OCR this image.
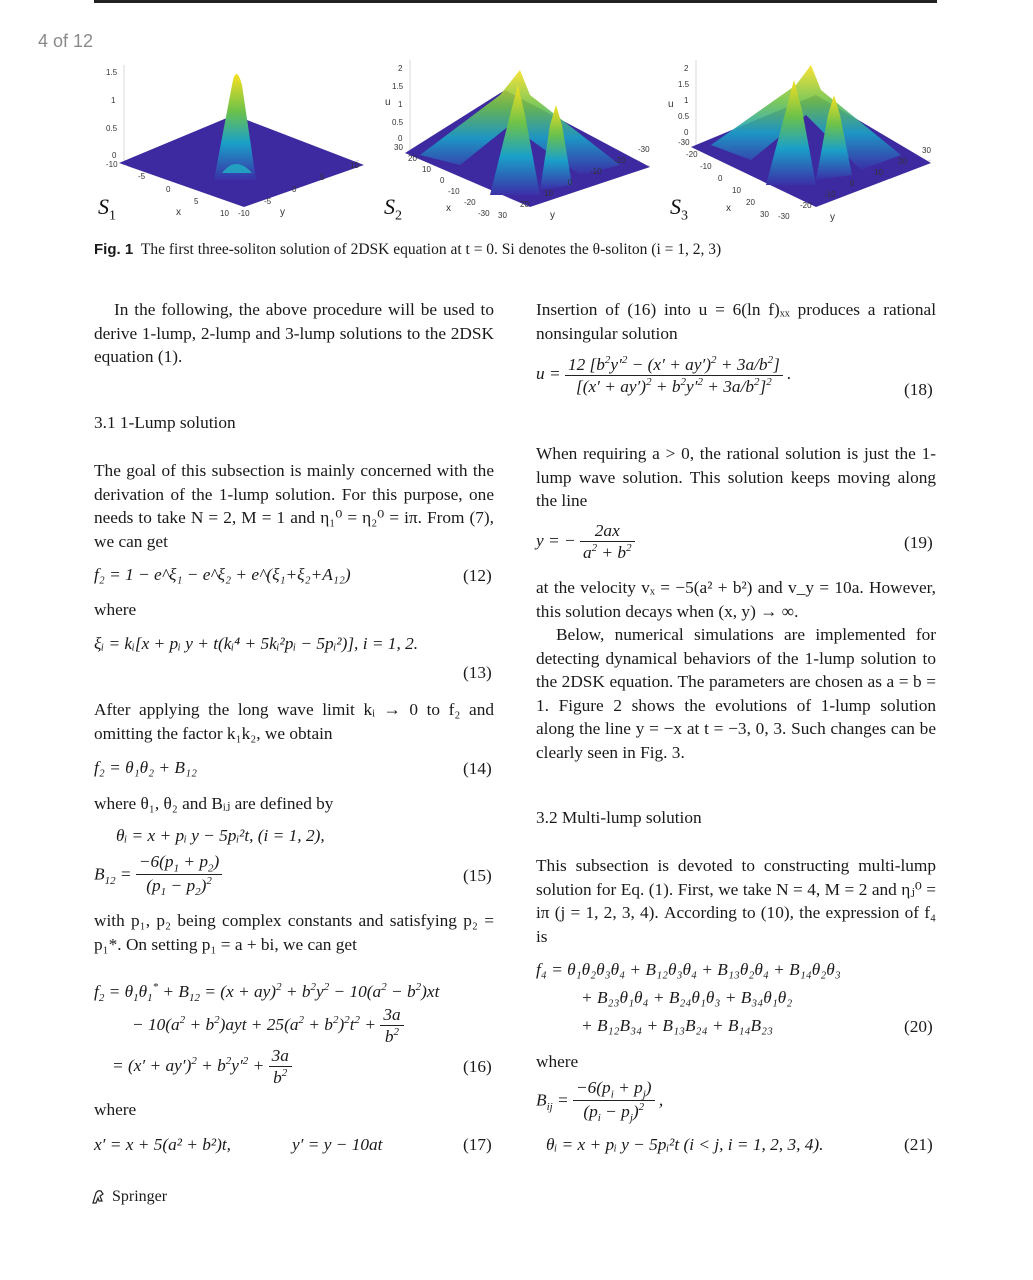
4 of 12
1.5
1
0.5
0
-10
-5
0
5
10 -10
-5
0
5
10
x	y
$S_1$
u
2
1.5
1
0.5
0
30
20
10
0
-10
-20
-30 30
20
10
0
-10
-20
-30
x
y
$S_2$
u
2
1.5
1
0.5
0
-30
-20
-10
0
10
20
30 -30
-20
-10
0
10
20
30
x
y
$S_3$
Fig. 1 The first three-soliton solution of 2DSK equation at t = 0. Si denotes the θ-soliton (i = 1, 2, 3)

In the following, the above procedure will be used to derive 1-lump, 2-lump and 3-lump solutions to the 2DSK equation (1).

3.1 1-Lump solution

The goal of this subsection is mainly concerned with the derivation of the 1-lump solution. For this purpose, one needs to take N = 2, M = 1 and η₁⁰ = η₂⁰ = iπ. From (7), we can get

f₂ = 1 − e^ξ₁ − e^ξ₂ + e^(ξ₁+ξ₂+A₁₂)	(12)
where
ξᵢ = kᵢ[x + pᵢ y + t(kᵢ⁴ + 5kᵢ²pᵢ − 5pᵢ²)], i = 1, 2.
(13)

After applying the long wave limit kᵢ → 0 to f₂ and omitting the factor k₁k₂, we obtain

f₂ = θ₁θ₂ + B₁₂	(14)

where θ₁, θ₂ and Bᵢⱼ are defined by

θᵢ = x + pᵢ y − 5pᵢ²t, (i = 1, 2),
$B_{12} = \frac{-6(p_1 + p_2)}{(p_1 - p_2)^2}$	(15)

with p₁, p₂ being complex constants and satisfying p₂ = p₁*. On setting p₁ = a + bi, we can get

$f_2 = \theta_1\theta_1^* + B_{12} = (x + ay)^2 + b^2y^2 - 10(a^2 - b^2)xt$
− $10(a^2 + b^2)ayt + 25(a^2 + b^2)^2t^2 + \frac{3a}{b^2}$
= $(x' + ay')^2 + b^2y'^2 + \frac{3a}{b^2}$	(16)
where
x′ = x + 5(a² + b²)t,	y′ = y − 10at	(17)

Insertion of (16) into u = 6(ln f)ₓₓ produces a rational nonsingular solution

$u = \frac{12 [b^2y'^2 - (x' + ay')^2 + 3a/b^2]}{[(x' + ay')^2 + b^2y'^2 + 3a/b^2]^2}$ .
(18)

When requiring a > 0, the rational solution is just the 1-lump wave solution. This solution keeps moving along the line

y = − $\frac{2ax}{a^2 + b^2}$	(19)

at the velocity vₓ = −5(a² + b²) and v_y = 10a. However, this solution decays when (x, y) → ∞.

Below, numerical simulations are implemented for detecting dynamical behaviors of the 1-lump solution to the 2DSK equation. The parameters are chosen as a = b = 1. Figure 2 shows the evolutions of 1-lump solution along the line y = −x at t = −3, 0, 3. Such changes can be clearly seen in Fig. 3.

3.2 Multi-lump solution

This subsection is devoted to constructing multi-lump solution for Eq. (1). First, we take N = 4, M = 2 and ηⱼ⁰ = iπ (j = 1, 2, 3, 4). According to (10), the expression of f₄ is

f₄ = θ₁θ₂θ₃θ₄ + B₁₂θ₃θ₄ + B₁₃θ₂θ₄ + B₁₄θ₂θ₃
+ B₂₃θ₁θ₄ + B₂₄θ₁θ₃ + B₃₄θ₁θ₂
+ B₁₂B₃₄ + B₁₃B₂₄ + B₁₄B₂₃	(20)
where
$B_{ij} = \frac{-6(p_i + p_j)}{(p_i - p_j)^2}$ ,
θᵢ = x + pᵢ y − 5pᵢ²t (i < j, i = 1, 2, 3, 4).	(21)
Springer
